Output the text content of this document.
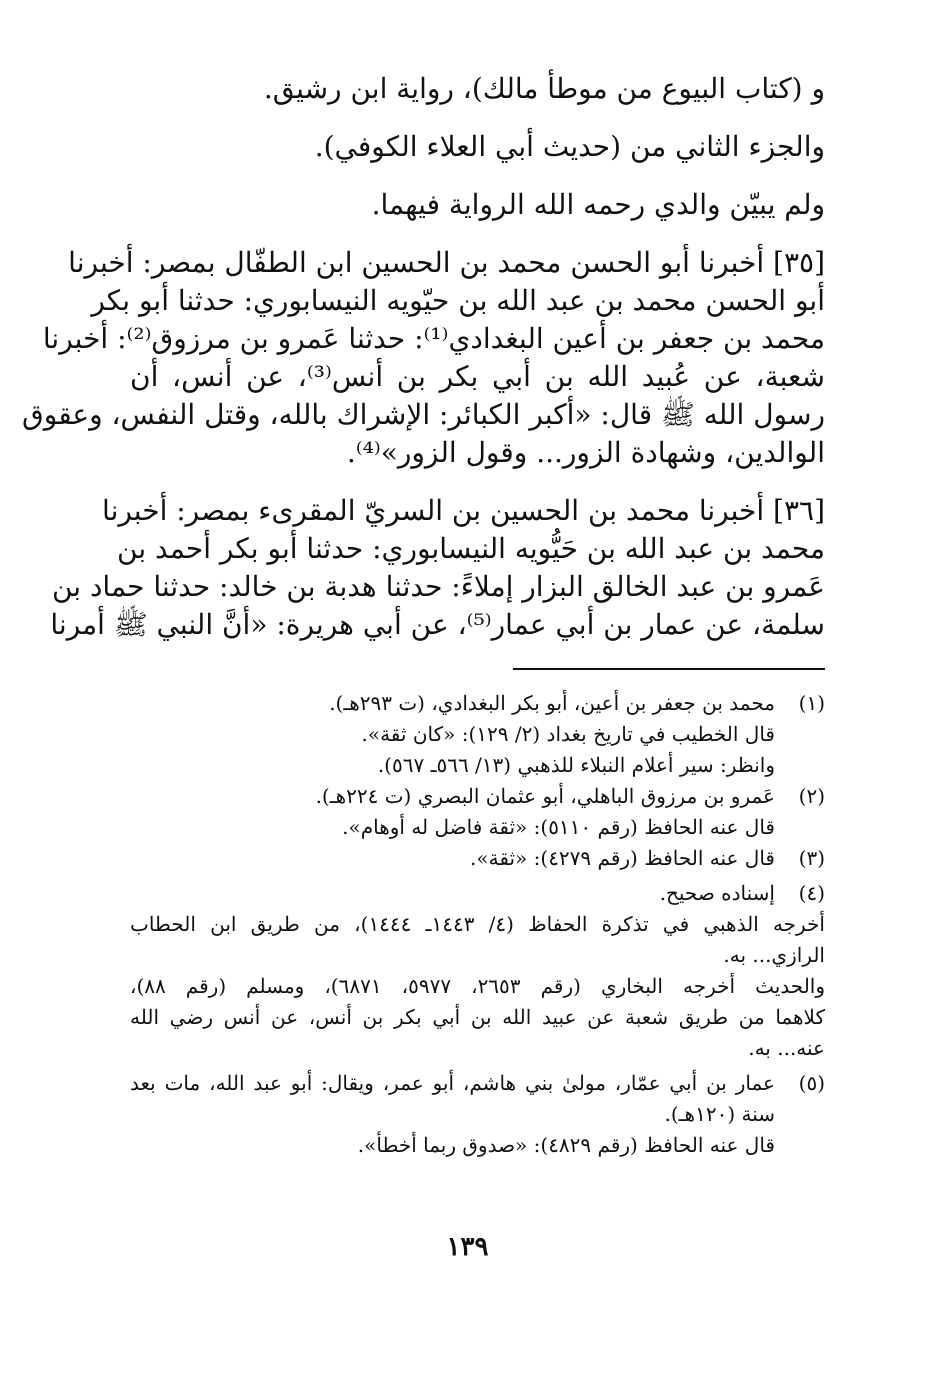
و (كتاب البيوع من موطأ مالك)، رواية ابن رشيق.
والجزء الثاني من (حديث أبي العلاء الكوفي).
ولم يبيّن والدي رحمه الله الرواية فيهما.
[٣٥] أخبرنا أبو الحسن محمد بن الحسين ابن الطفّال بمصر: أخبرنا
أبو الحسن محمد بن عبد الله بن حيّويه النيسابوري: حدثنا أبو بكر
محمد بن جعفر بن أعين البغدادي⁽¹⁾: حدثنا عَمرو بن مرزوق⁽²⁾: أخبرنا
شعبة، عن عُبيد الله بن أبي بكر بن أنس⁽³⁾، عن أنس، أن
رسول الله ﷺ قال: «أكبر الكبائر: الإشراك بالله، وقتل النفس، وعقوق
الوالدين، وشهادة الزور... وقول الزور»⁽⁴⁾.
[٣٦] أخبرنا محمد بن الحسين بن السريّ المقرىء بمصر: أخبرنا
محمد بن عبد الله بن حَيُّويه النيسابوري: حدثنا أبو بكر أحمد بن
عَمرو بن عبد الخالق البزار إملاءً: حدثنا هدبة بن خالد: حدثنا حماد بن
سلمة، عن عمار بن أبي عمار⁽⁵⁾، عن أبي هريرة: «أنَّ النبي ﷺ أمرنا
(١)
محمد بن جعفر بن أعين، أبو بكر البغدادي، (ت ٢٩٣هـ).
قال الخطيب في تاريخ بغداد (٢/ ١٢٩): «كان ثقة».
وانظر: سير أعلام النبلاء للذهبي (١٣/ ٥٦٦ـ ٥٦٧).
(٢)
عَمرو بن مرزوق الباهلي، أبو عثمان البصري (ت ٢٢٤هـ).
قال عنه الحافظ (رقم ٥١١٠): «ثقة فاضل له أوهام».
(٣)
قال عنه الحافظ (رقم ٤٢٧٩): «ثقة».
(٤)
إسناده صحيح.
أخرجه الذهبي في تذكرة الحفاظ (٤/ ١٤٤٣ـ ١٤٤٤)، من طريق ابن الحطاب
الرازي... به.
والحديث أخرجه البخاري (رقم ٢٦٥٣، ٥٩٧٧، ٦٨٧١)، ومسلم (رقم ٨٨)،
كلاهما من طريق شعبة عن عبيد الله بن أبي بكر بن أنس، عن أنس رضي الله
عنه... به.
(٥)
عمار بن أبي عمّار، مولىٰ بني هاشم، أبو عمر، ويقال: أبو عبد الله، مات بعد
سنة (١٢٠هـ).
قال عنه الحافظ (رقم ٤٨٢٩): «صدوق ربما أخطأ».
١٣٩
